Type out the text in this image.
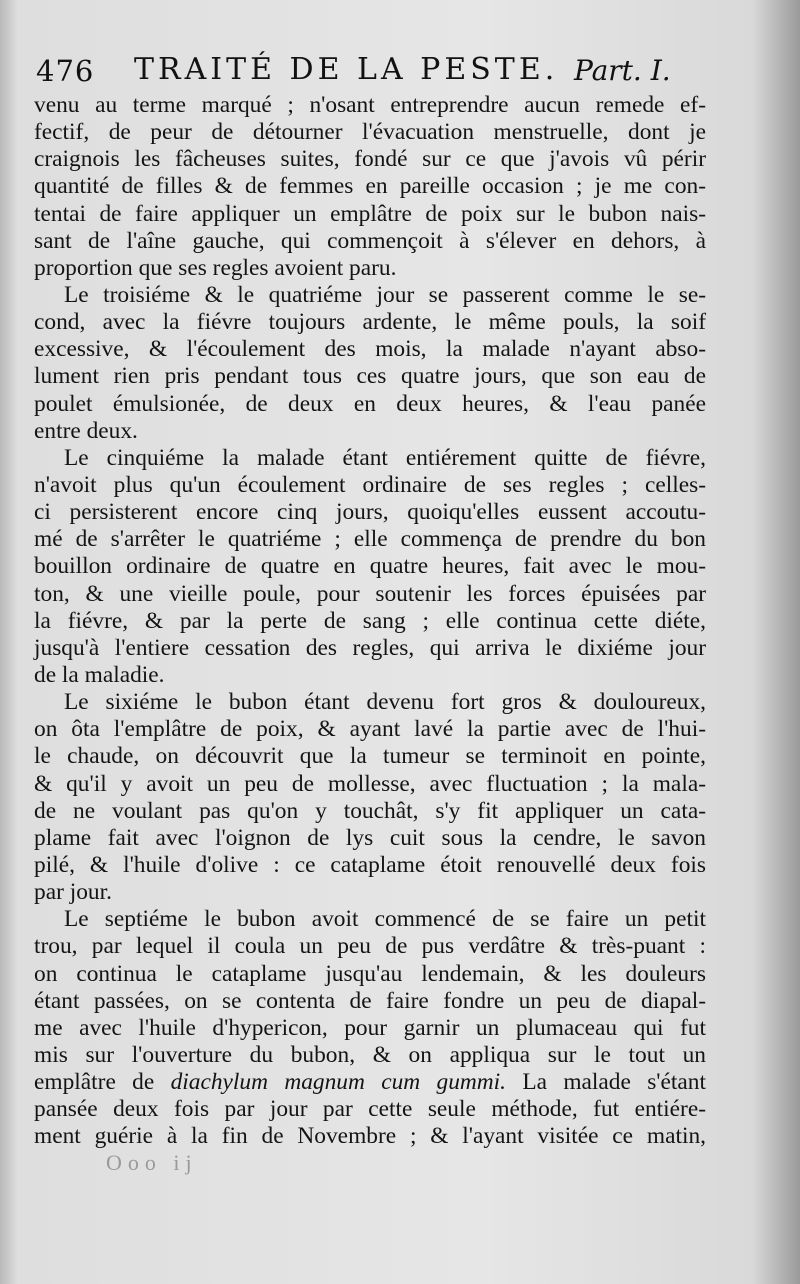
476 TRAITÉ DE LA PESTE. Part. I.
venu au terme marqué ; n'osant entreprendre aucun remede ef-
fectif, de peur de détourner l'évacuation menstruelle, dont je
craignois les fâcheuses suites, fondé sur ce que j'avois vû périr
quantité de filles & de femmes en pareille occasion ; je me con-
tentai de faire appliquer un emplâtre de poix sur le bubon nais-
sant de l'aîne gauche, qui commençoit à s'élever en dehors, à
proportion que ses regles avoient paru.
Le troisiéme & le quatriéme jour se passerent comme le se-
cond, avec la fiévre toujours ardente, le même pouls, la soif
excessive, & l'écoulement des mois, la malade n'ayant abso-
lument rien pris pendant tous ces quatre jours, que son eau de
poulet émulsionée, de deux en deux heures, & l'eau panée
entre deux.
Le cinquiéme la malade étant entiérement quitte de fiévre,
n'avoit plus qu'un écoulement ordinaire de ses regles ; celles-
ci persisterent encore cinq jours, quoiqu'elles eussent accoutu-
mé de s'arrêter le quatriéme ; elle commença de prendre du bon
bouillon ordinaire de quatre en quatre heures, fait avec le mou-
ton, & une vieille poule, pour soutenir les forces épuisées par
la fiévre, & par la perte de sang ; elle continua cette diéte,
jusqu'à l'entiere cessation des regles, qui arriva le dixiéme jour
de la maladie.
Le sixiéme le bubon étant devenu fort gros & douloureux,
on ôta l'emplâtre de poix, & ayant lavé la partie avec de l'hui-
le chaude, on découvrit que la tumeur se terminoit en pointe,
& qu'il y avoit un peu de mollesse, avec fluctuation ; la mala-
de ne voulant pas qu'on y touchât, s'y fit appliquer un cata-
plame fait avec l'oignon de lys cuit sous la cendre, le savon
pilé, & l'huile d'olive : ce cataplame étoit renouvellé deux fois
par jour.
Le septiéme le bubon avoit commencé de se faire un petit
trou, par lequel il coula un peu de pus verdâtre & très-puant :
on continua le cataplame jusqu'au lendemain, & les douleurs
étant passées, on se contenta de faire fondre un peu de diapal-
me avec l'huile d'hypericon, pour garnir un plumaceau qui fut
mis sur l'ouverture du bubon, & on appliqua sur le tout un
emplâtre de diachylum magnum cum gummi. La malade s'étant
pansée deux fois par jour par cette seule méthode, fut entiére-
ment guérie à la fin de Novembre ; & l'ayant visitée ce matin,
Ooo ij
